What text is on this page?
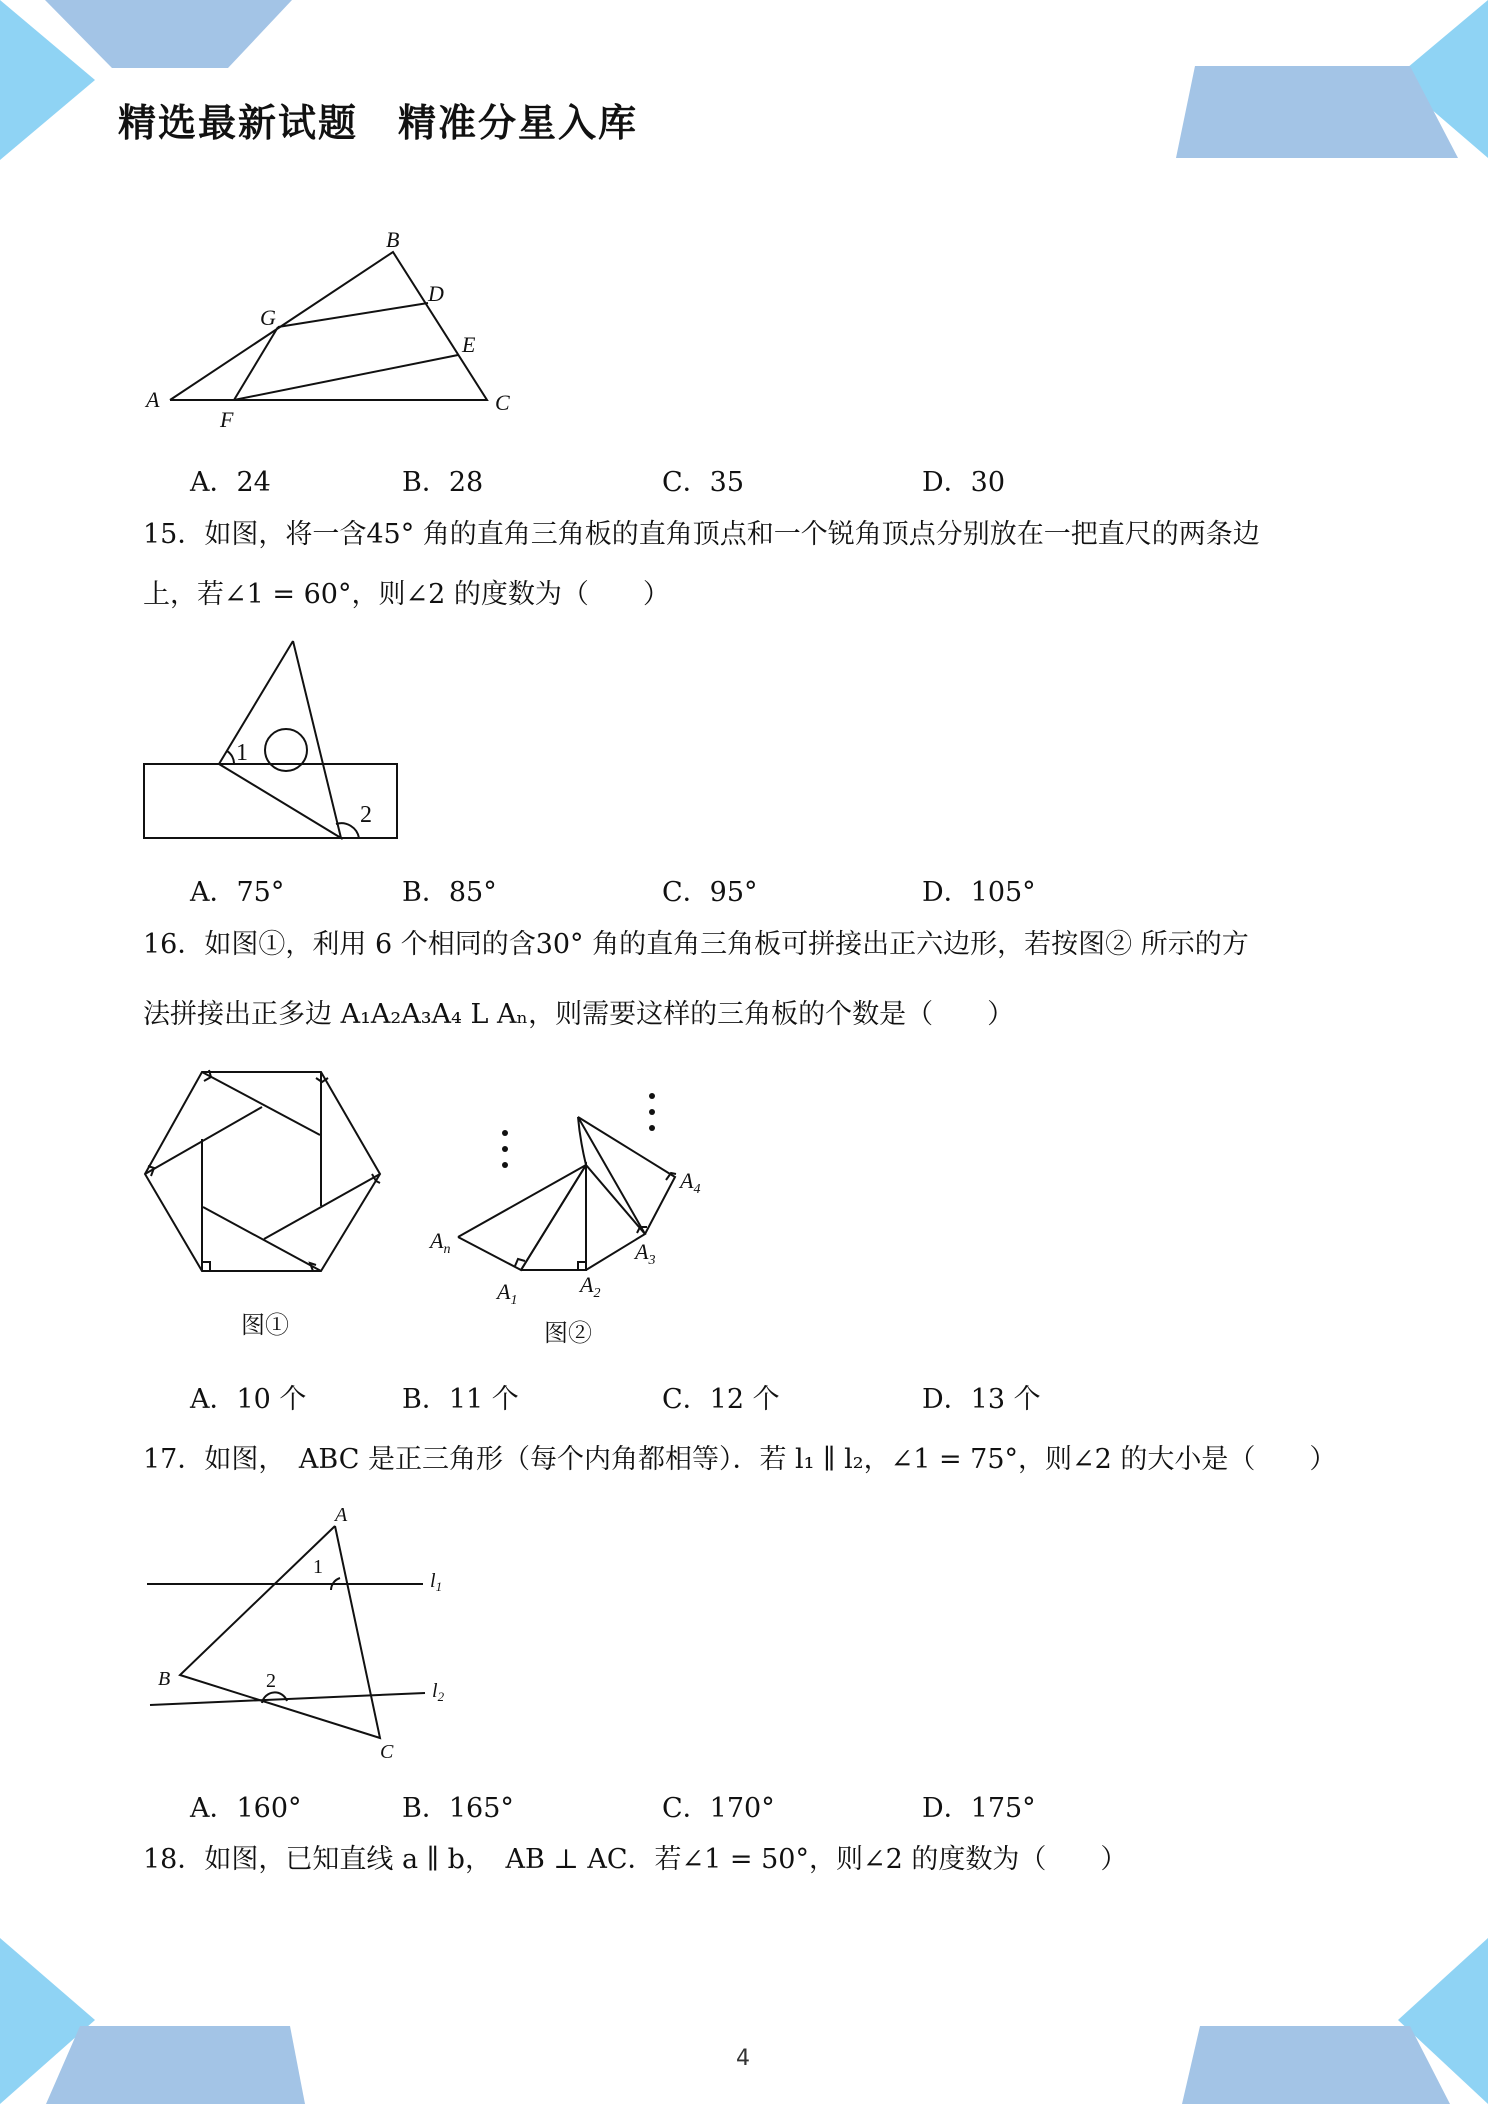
精选最新试题 精准分星入库
B
D
G
E
A	C
F
A．24	B．28	C．35	D．30
15．如图，将一含45° 角的直角三角板的直角顶点和一个锐角顶点分别放在一把直尺的两条边
上，若∠1 = 60°，则∠2 的度数为（　　）
1
2
A．75°	B．85°	C．95°	D．105°
16．如图①，利用 6 个相同的含30° 角的直角三角板可拼接出正六边形，若按图② 所示的方
法拼接出正多边 A₁A₂A₃A₄ L Aₙ，则需要这样的三角板的个数是（　　）
图①
$A_n$
$A_1$
$A_2$
$A_3$
$A_4$
图②
A．10 个	B．11 个	C．12 个	D．13 个
17．如图，　ABC 是正三角形（每个内角都相等）．若 l₁ ∥ l₂，∠1 = 75°，则∠2 的大小是（　　）
A
B
C
$l_1$
$l_2$
1
2
A．160°	B．165°	C．170°	D．175°
18．如图，已知直线 a ∥ b，　AB ⊥ AC．若∠1 = 50°，则∠2 的度数为（　　）
4
